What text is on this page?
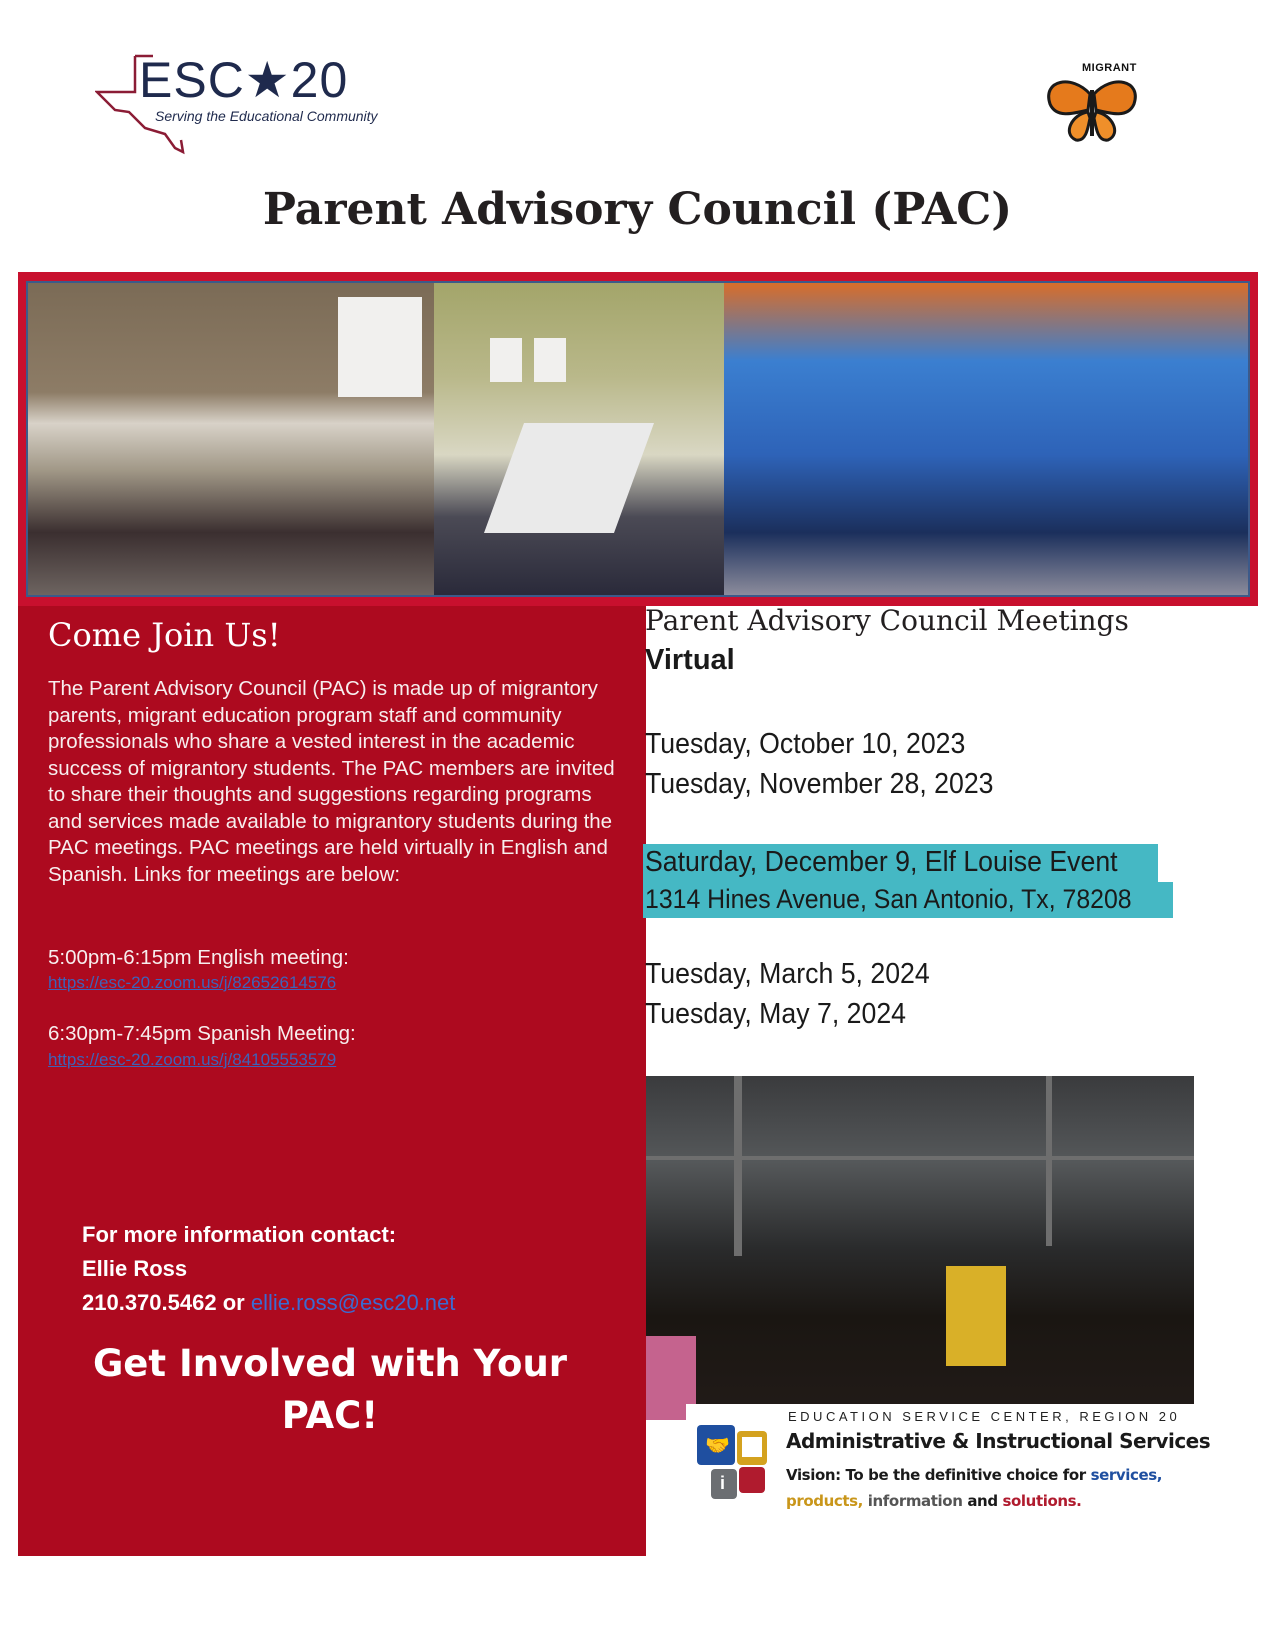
ESC★20
Serving the Educational Community
MIGRANT
Parent Advisory Council (PAC)
Come Join Us!
The Parent Advisory Council (PAC) is made up of migrantory parents, migrant education program staff and community professionals who share a vested interest in the academic success of migrantory students. The PAC members are invited to share their thoughts and suggestions regarding programs and services made available to migrantory students during the PAC meetings. PAC meetings are held virtually in English and Spanish. Links for meetings are below:
5:00pm-6:15pm English meeting:
https://esc-20.zoom.us/j/82652614576
6:30pm-7:45pm Spanish Meeting:
https://esc-20.zoom.us/j/84105553579
For more information contact:
Ellie Ross
210.370.5462 or ellie.ross@esc20.net
Get Involved with Your
PAC!
Parent Advisory Council Meetings
Virtual
Tuesday, October 10, 2023
Tuesday, November 28, 2023
Saturday, December 9, Elf Louise Event
1314 Hines Avenue, San Antonio, Tx, 78208
Tuesday, March 5, 2024
Tuesday, May 7, 2024
🤝
i
EDUCATION SERVICE CENTER, REGION 20
Administrative & Instructional Services
Vision: To be the definitive choice for services, products, information and solutions.
